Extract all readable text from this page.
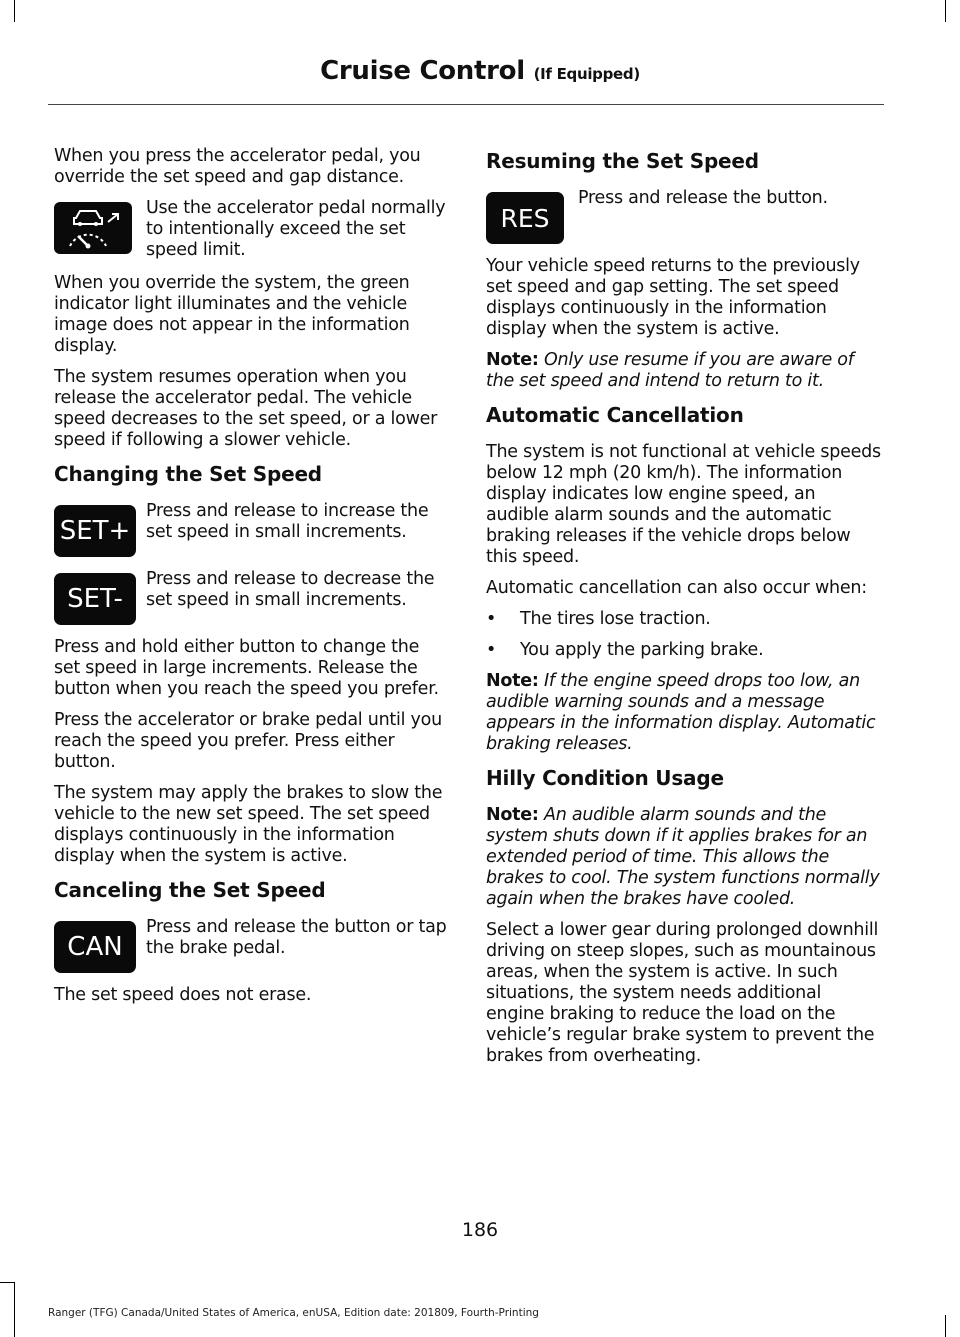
Cruise Control (If Equipped)

When you press the accelerator pedal, you override the set speed and gap distance.

Use the accelerator pedal normally to intentionally exceed the set speed limit.

When you override the system, the green indicator light illuminates and the vehicle image does not appear in the information display.

The system resumes operation when you release the accelerator pedal. The vehicle speed decreases to the set speed, or a lower speed if following a slower vehicle.

Changing the Set Speed
SET+

Press and release to increase the set speed in small increments.

SET-

Press and release to decrease the set speed in small increments.

Press and hold either button to change the set speed in large increments. Release the button when you reach the speed you prefer.

Press the accelerator or brake pedal until you reach the speed you prefer. Press either button.

The system may apply the brakes to slow the vehicle to the new set speed. The set speed displays continuously in the information display when the system is active.

Canceling the Set Speed
CAN

Press and release the button or tap the brake pedal.

The set speed does not erase.

Resuming the Set Speed
RES

Press and release the button.

Your vehicle speed returns to the previously set speed and gap setting. The set speed displays continuously in the information display when the system is active.

Note: Only use resume if you are aware of the set speed and intend to return to it.

Automatic Cancellation

The system is not functional at vehicle speeds below 12 mph (20 km/h). The information display indicates low engine speed, an audible alarm sounds and the automatic braking releases if the vehicle drops below this speed.

Automatic cancellation can also occur when:

• The tires lose traction.
• You apply the parking brake.

Note: If the engine speed drops too low, an audible warning sounds and a message appears in the information display. Automatic braking releases.

Hilly Condition Usage

Note: An audible alarm sounds and the system shuts down if it applies brakes for an extended period of time. This allows the brakes to cool. The system functions normally again when the brakes have cooled.

Select a lower gear during prolonged downhill driving on steep slopes, such as mountainous areas, when the system is active. In such situations, the system needs additional engine braking to reduce the load on the vehicle’s regular brake system to prevent the brakes from overheating.

186
Ranger (TFG) Canada/United States of America, enUSA, Edition date: 201809, Fourth-Printing
